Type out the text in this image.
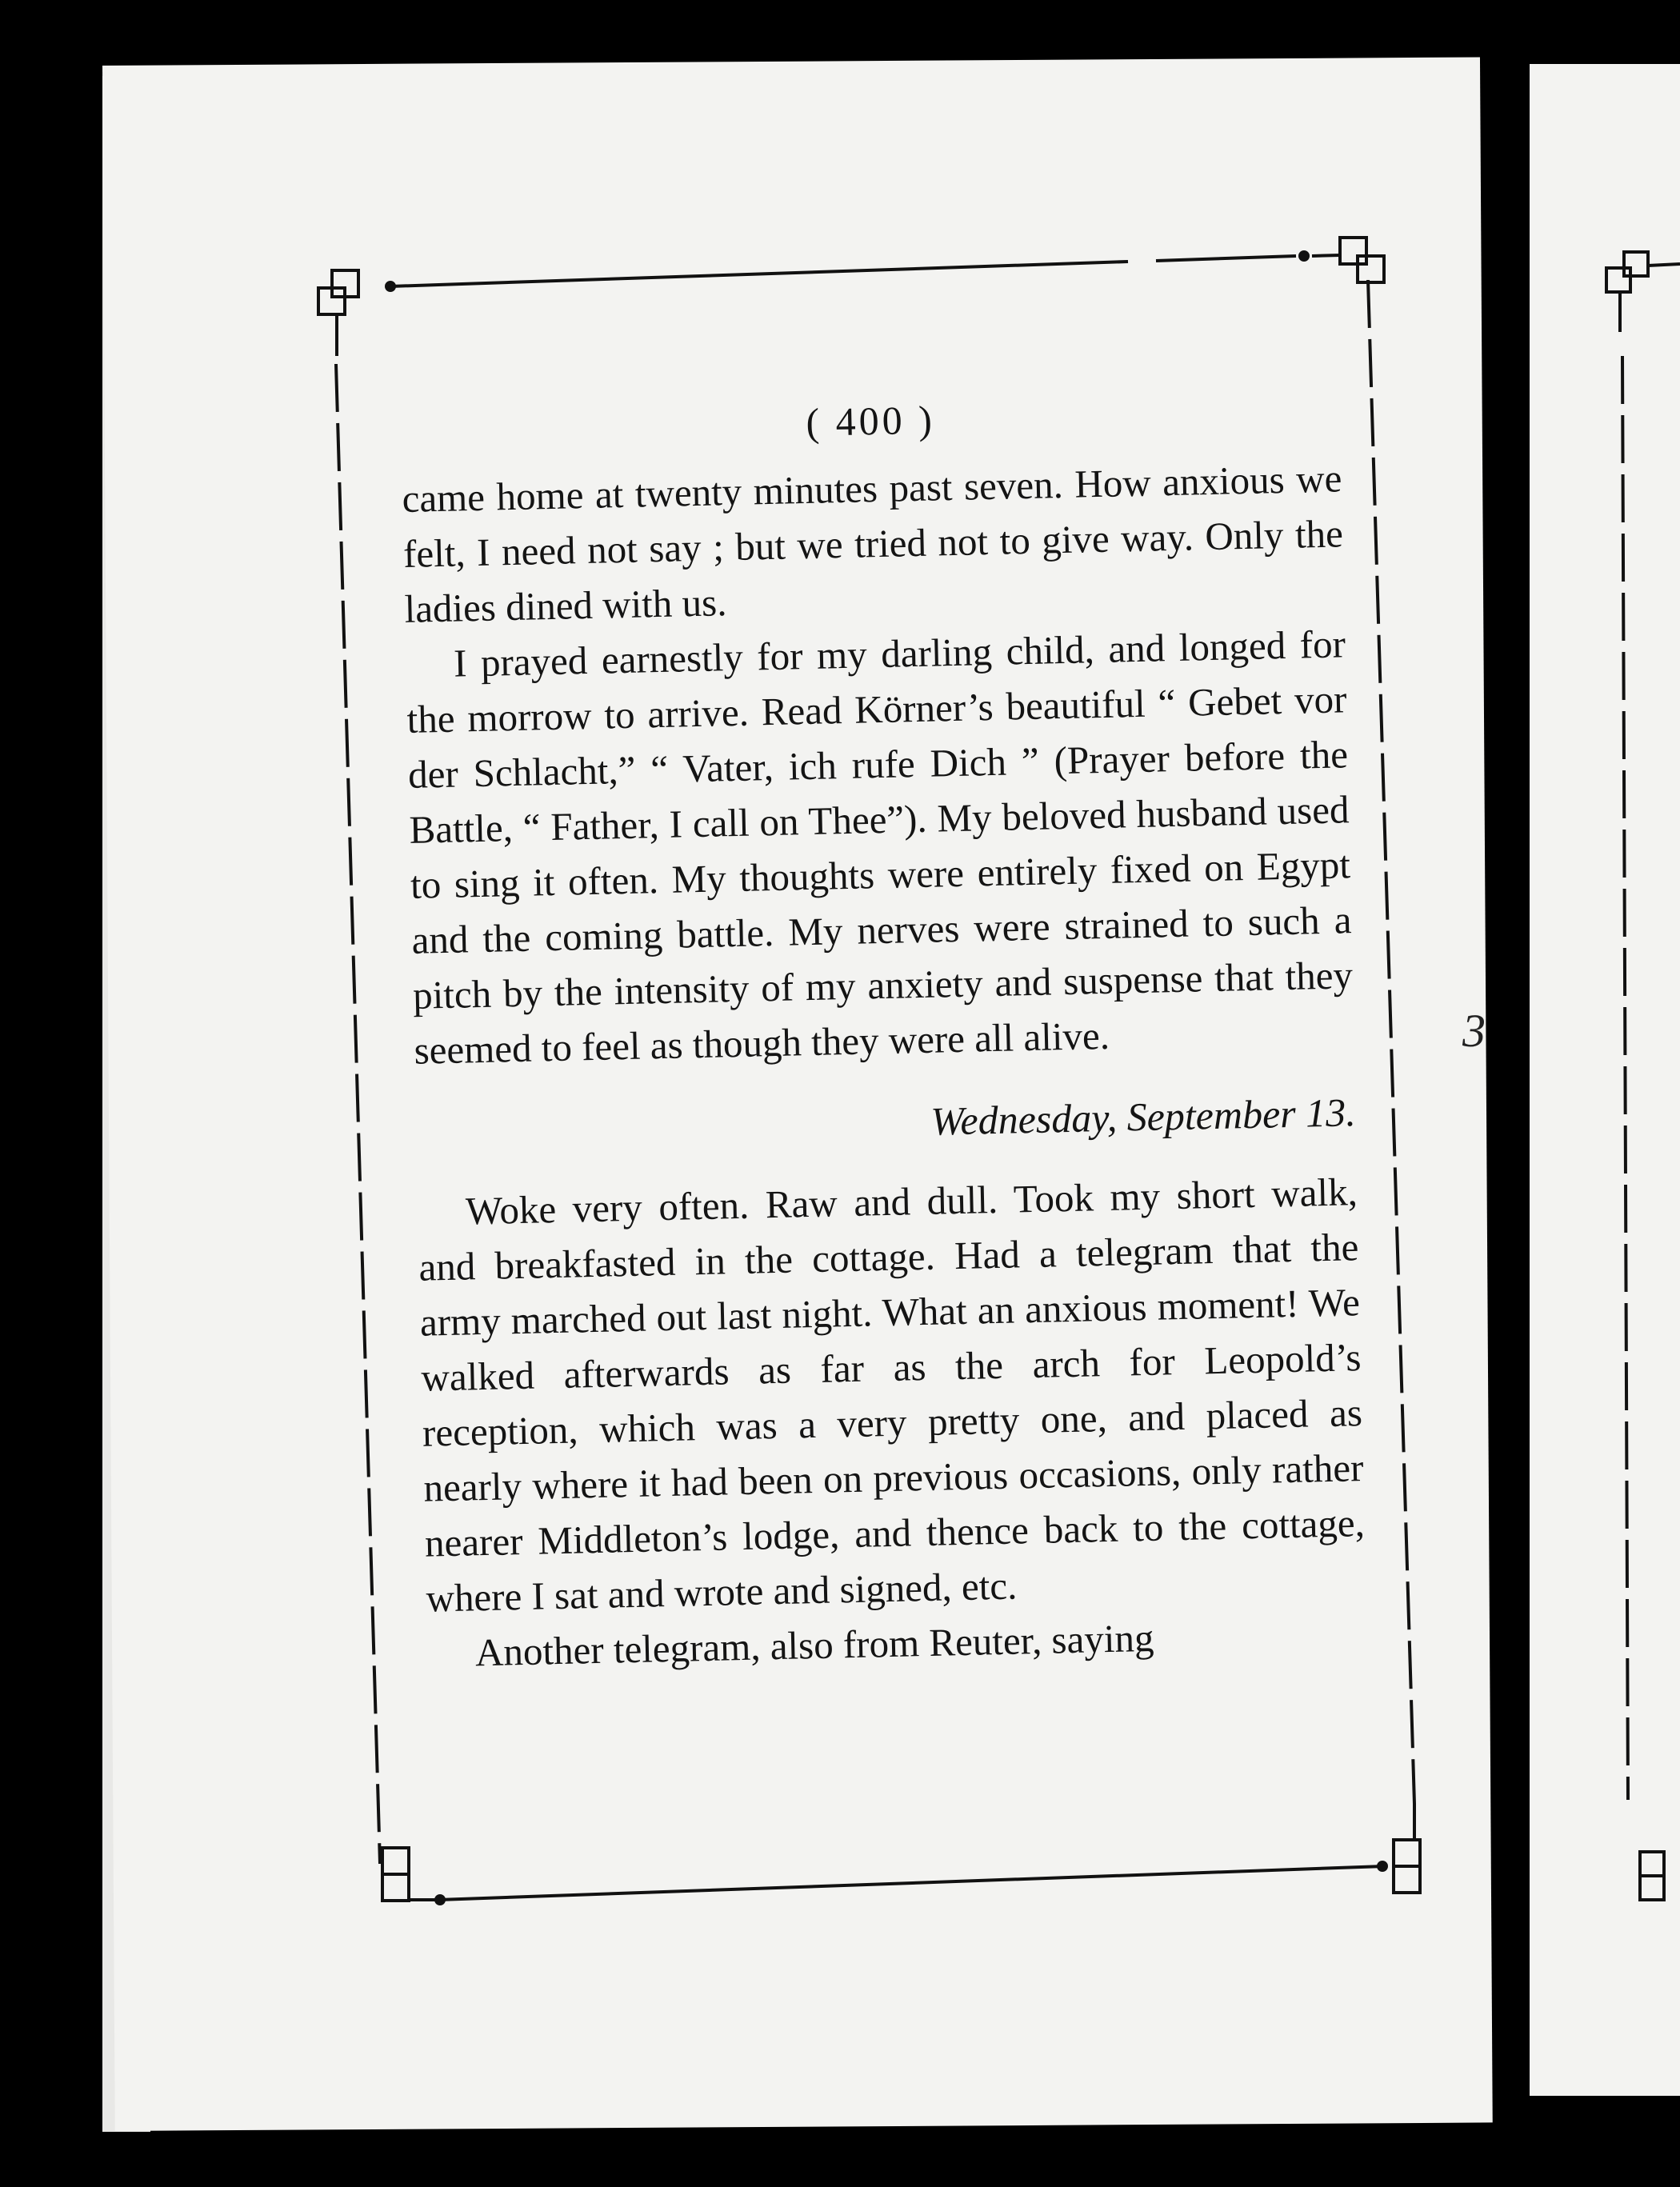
3
( 400 )

came home at twenty minutes past seven. How anxious we felt, I need not say ; but we tried not to give way. Only the ladies dined with us.

I prayed earnestly for my darling child, and longed for the morrow to arrive. Read Körner’s beautiful “ Gebet vor der Schlacht,” “ Vater, ich rufe Dich ” (Prayer before the Battle, “ Father, I call on Thee”). My beloved husband used to sing it often. My thoughts were entirely fixed on Egypt and the coming battle. My nerves were strained to such a pitch by the intensity of my anxiety and suspense that they seemed to feel as though they were all alive.

Wednesday, September 13.

Woke very often. Raw and dull. Took my short walk, and breakfasted in the cottage. Had a telegram that the army marched out last night. What an anxious moment! We walked afterwards as far as the arch for Leopold’s reception, which was a very pretty one, and placed as nearly where it had been on previous occasions, only rather nearer Middleton’s lodge, and thence back to the cottage, where I sat and wrote and signed, etc.

Another telegram, also from Reuter, saying
